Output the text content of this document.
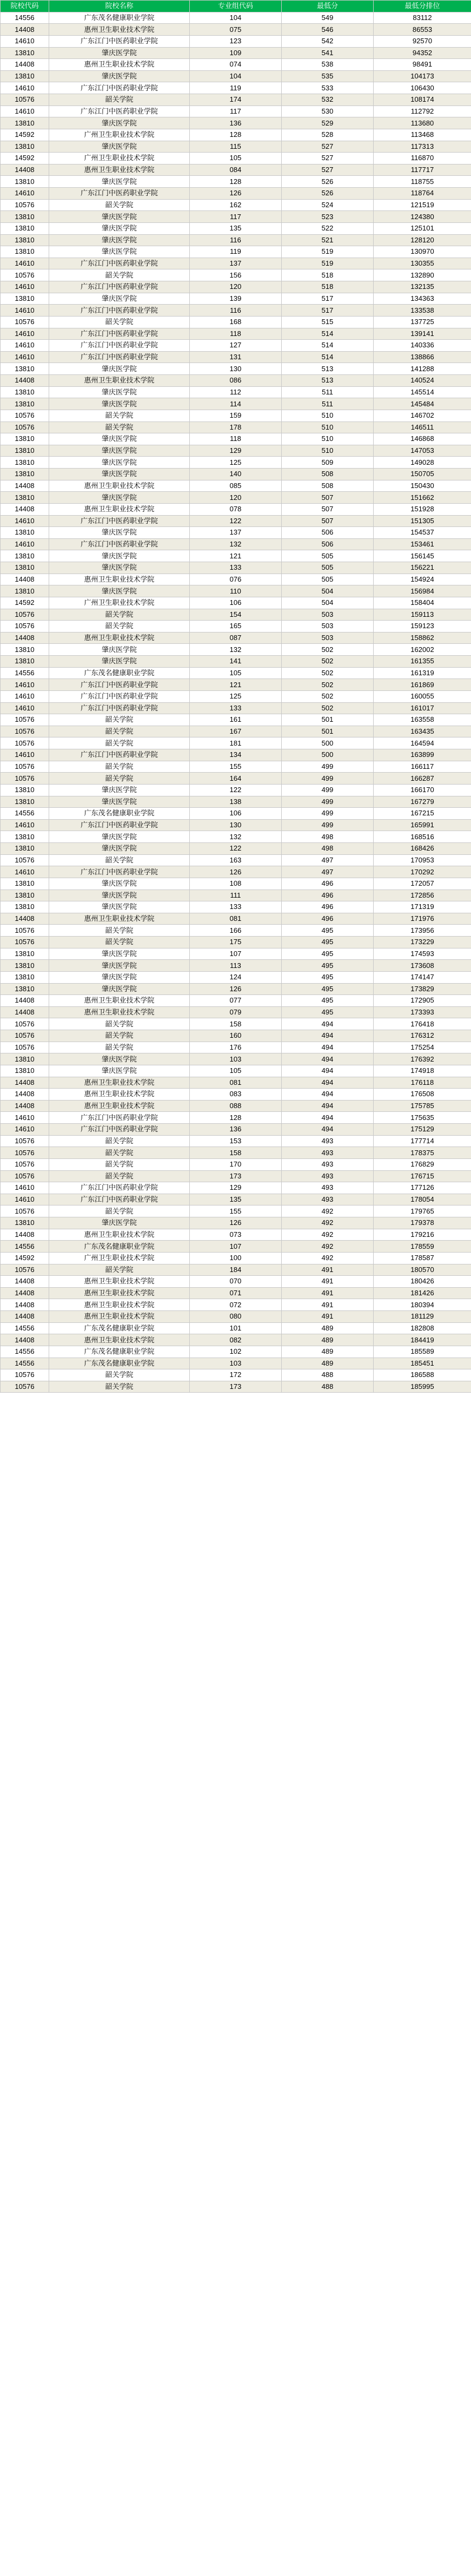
院校代码	院校名称	专业组代码	最低分	最低分排位
14556	广东茂名健康职业学院	104	549	83112
14408	惠州卫生职业技术学院	075	546	86553
14610	广东江门中医药职业学院	123	542	92570
13810	肇庆医学院	109	541	94352
14408	惠州卫生职业技术学院	074	538	98491
13810	肇庆医学院	104	535	104173
14610	广东江门中医药职业学院	119	533	106430
10576	韶关学院	174	532	108174
14610	广东江门中医药职业学院	117	530	112792
13810	肇庆医学院	136	529	113680
14592	广州卫生职业技术学院	128	528	113468
13810	肇庆医学院	115	527	117313
14592	广州卫生职业技术学院	105	527	116870
14408	惠州卫生职业技术学院	084	527	117717
13810	肇庆医学院	128	526	118755
14610	广东江门中医药职业学院	126	526	118764
10576	韶关学院	162	524	121519
13810	肇庆医学院	117	523	124380
13810	肇庆医学院	135	522	125101
13810	肇庆医学院	116	521	128120
13810	肇庆医学院	119	519	130970
14610	广东江门中医药职业学院	137	519	130355
10576	韶关学院	156	518	132890
14610	广东江门中医药职业学院	120	518	132135
13810	肇庆医学院	139	517	134363
14610	广东江门中医药职业学院	116	517	133538
10576	韶关学院	168	515	137725
14610	广东江门中医药职业学院	118	514	139141
14610	广东江门中医药职业学院	127	514	140336
14610	广东江门中医药职业学院	131	514	138866
13810	肇庆医学院	130	513	141288
14408	惠州卫生职业技术学院	086	513	140524
13810	肇庆医学院	112	511	145514
13810	肇庆医学院	114	511	145484
10576	韶关学院	159	510	146702
10576	韶关学院	178	510	146511
13810	肇庆医学院	118	510	146868
13810	肇庆医学院	129	510	147053
13810	肇庆医学院	125	509	149028
13810	肇庆医学院	140	508	150705
14408	惠州卫生职业技术学院	085	508	150430
13810	肇庆医学院	120	507	151662
14408	惠州卫生职业技术学院	078	507	151928
14610	广东江门中医药职业学院	122	507	151305
13810	肇庆医学院	137	506	154537
14610	广东江门中医药职业学院	132	506	153461
13810	肇庆医学院	121	505	156145
13810	肇庆医学院	133	505	156221
14408	惠州卫生职业技术学院	076	505	154924
13810	肇庆医学院	110	504	156984
14592	广州卫生职业技术学院	106	504	158404
10576	韶关学院	154	503	159113
10576	韶关学院	165	503	159123
14408	惠州卫生职业技术学院	087	503	158862
13810	肇庆医学院	132	502	162002
13810	肇庆医学院	141	502	161355
14556	广东茂名健康职业学院	105	502	161319
14610	广东江门中医药职业学院	121	502	161869
14610	广东江门中医药职业学院	125	502	160055
14610	广东江门中医药职业学院	133	502	161017
10576	韶关学院	161	501	163558
10576	韶关学院	167	501	163435
10576	韶关学院	181	500	164594
14610	广东江门中医药职业学院	134	500	163899
10576	韶关学院	155	499	166117
10576	韶关学院	164	499	166287
13810	肇庆医学院	122	499	166170
13810	肇庆医学院	138	499	167279
14556	广东茂名健康职业学院	106	499	167215
14610	广东江门中医药职业学院	130	499	165991
13810	肇庆医学院	132	498	168516
13810	肇庆医学院	122	498	168426
10576	韶关学院	163	497	170953
14610	广东江门中医药职业学院	126	497	170292
13810	肇庆医学院	108	496	172057
13810	肇庆医学院	111	496	172856
13810	肇庆医学院	133	496	171319
14408	惠州卫生职业技术学院	081	496	171976
10576	韶关学院	166	495	173956
10576	韶关学院	175	495	173229
13810	肇庆医学院	107	495	174593
13810	肇庆医学院	113	495	173608
13810	肇庆医学院	124	495	174147
13810	肇庆医学院	126	495	173829
14408	惠州卫生职业技术学院	077	495	172905
14408	惠州卫生职业技术学院	079	495	173393
10576	韶关学院	158	494	176418
10576	韶关学院	160	494	176312
10576	韶关学院	176	494	175254
13810	肇庆医学院	103	494	176392
13810	肇庆医学院	105	494	174918
14408	惠州卫生职业技术学院	081	494	176118
14408	惠州卫生职业技术学院	083	494	176508
14408	惠州卫生职业技术学院	088	494	175785
14610	广东江门中医药职业学院	128	494	175635
14610	广东江门中医药职业学院	136	494	175129
10576	韶关学院	153	493	177714
10576	韶关学院	158	493	178375
10576	韶关学院	170	493	176829
10576	韶关学院	173	493	176715
14610	广东江门中医药职业学院	129	493	177126
14610	广东江门中医药职业学院	135	493	178054
10576	韶关学院	155	492	179765
13810	肇庆医学院	126	492	179378
14408	惠州卫生职业技术学院	073	492	179216
14556	广东茂名健康职业学院	107	492	178559
14592	广州卫生职业技术学院	100	492	178587
10576	韶关学院	184	491	180570
14408	惠州卫生职业技术学院	070	491	180426
14408	惠州卫生职业技术学院	071	491	181426
14408	惠州卫生职业技术学院	072	491	180394
14408	惠州卫生职业技术学院	080	491	181129
14556	广东茂名健康职业学院	101	489	182808
14408	惠州卫生职业技术学院	082	489	184419
14556	广东茂名健康职业学院	102	489	185589
14556	广东茂名健康职业学院	103	489	185451
10576	韶关学院	172	488	186588
10576	韶关学院	173	488	185995
